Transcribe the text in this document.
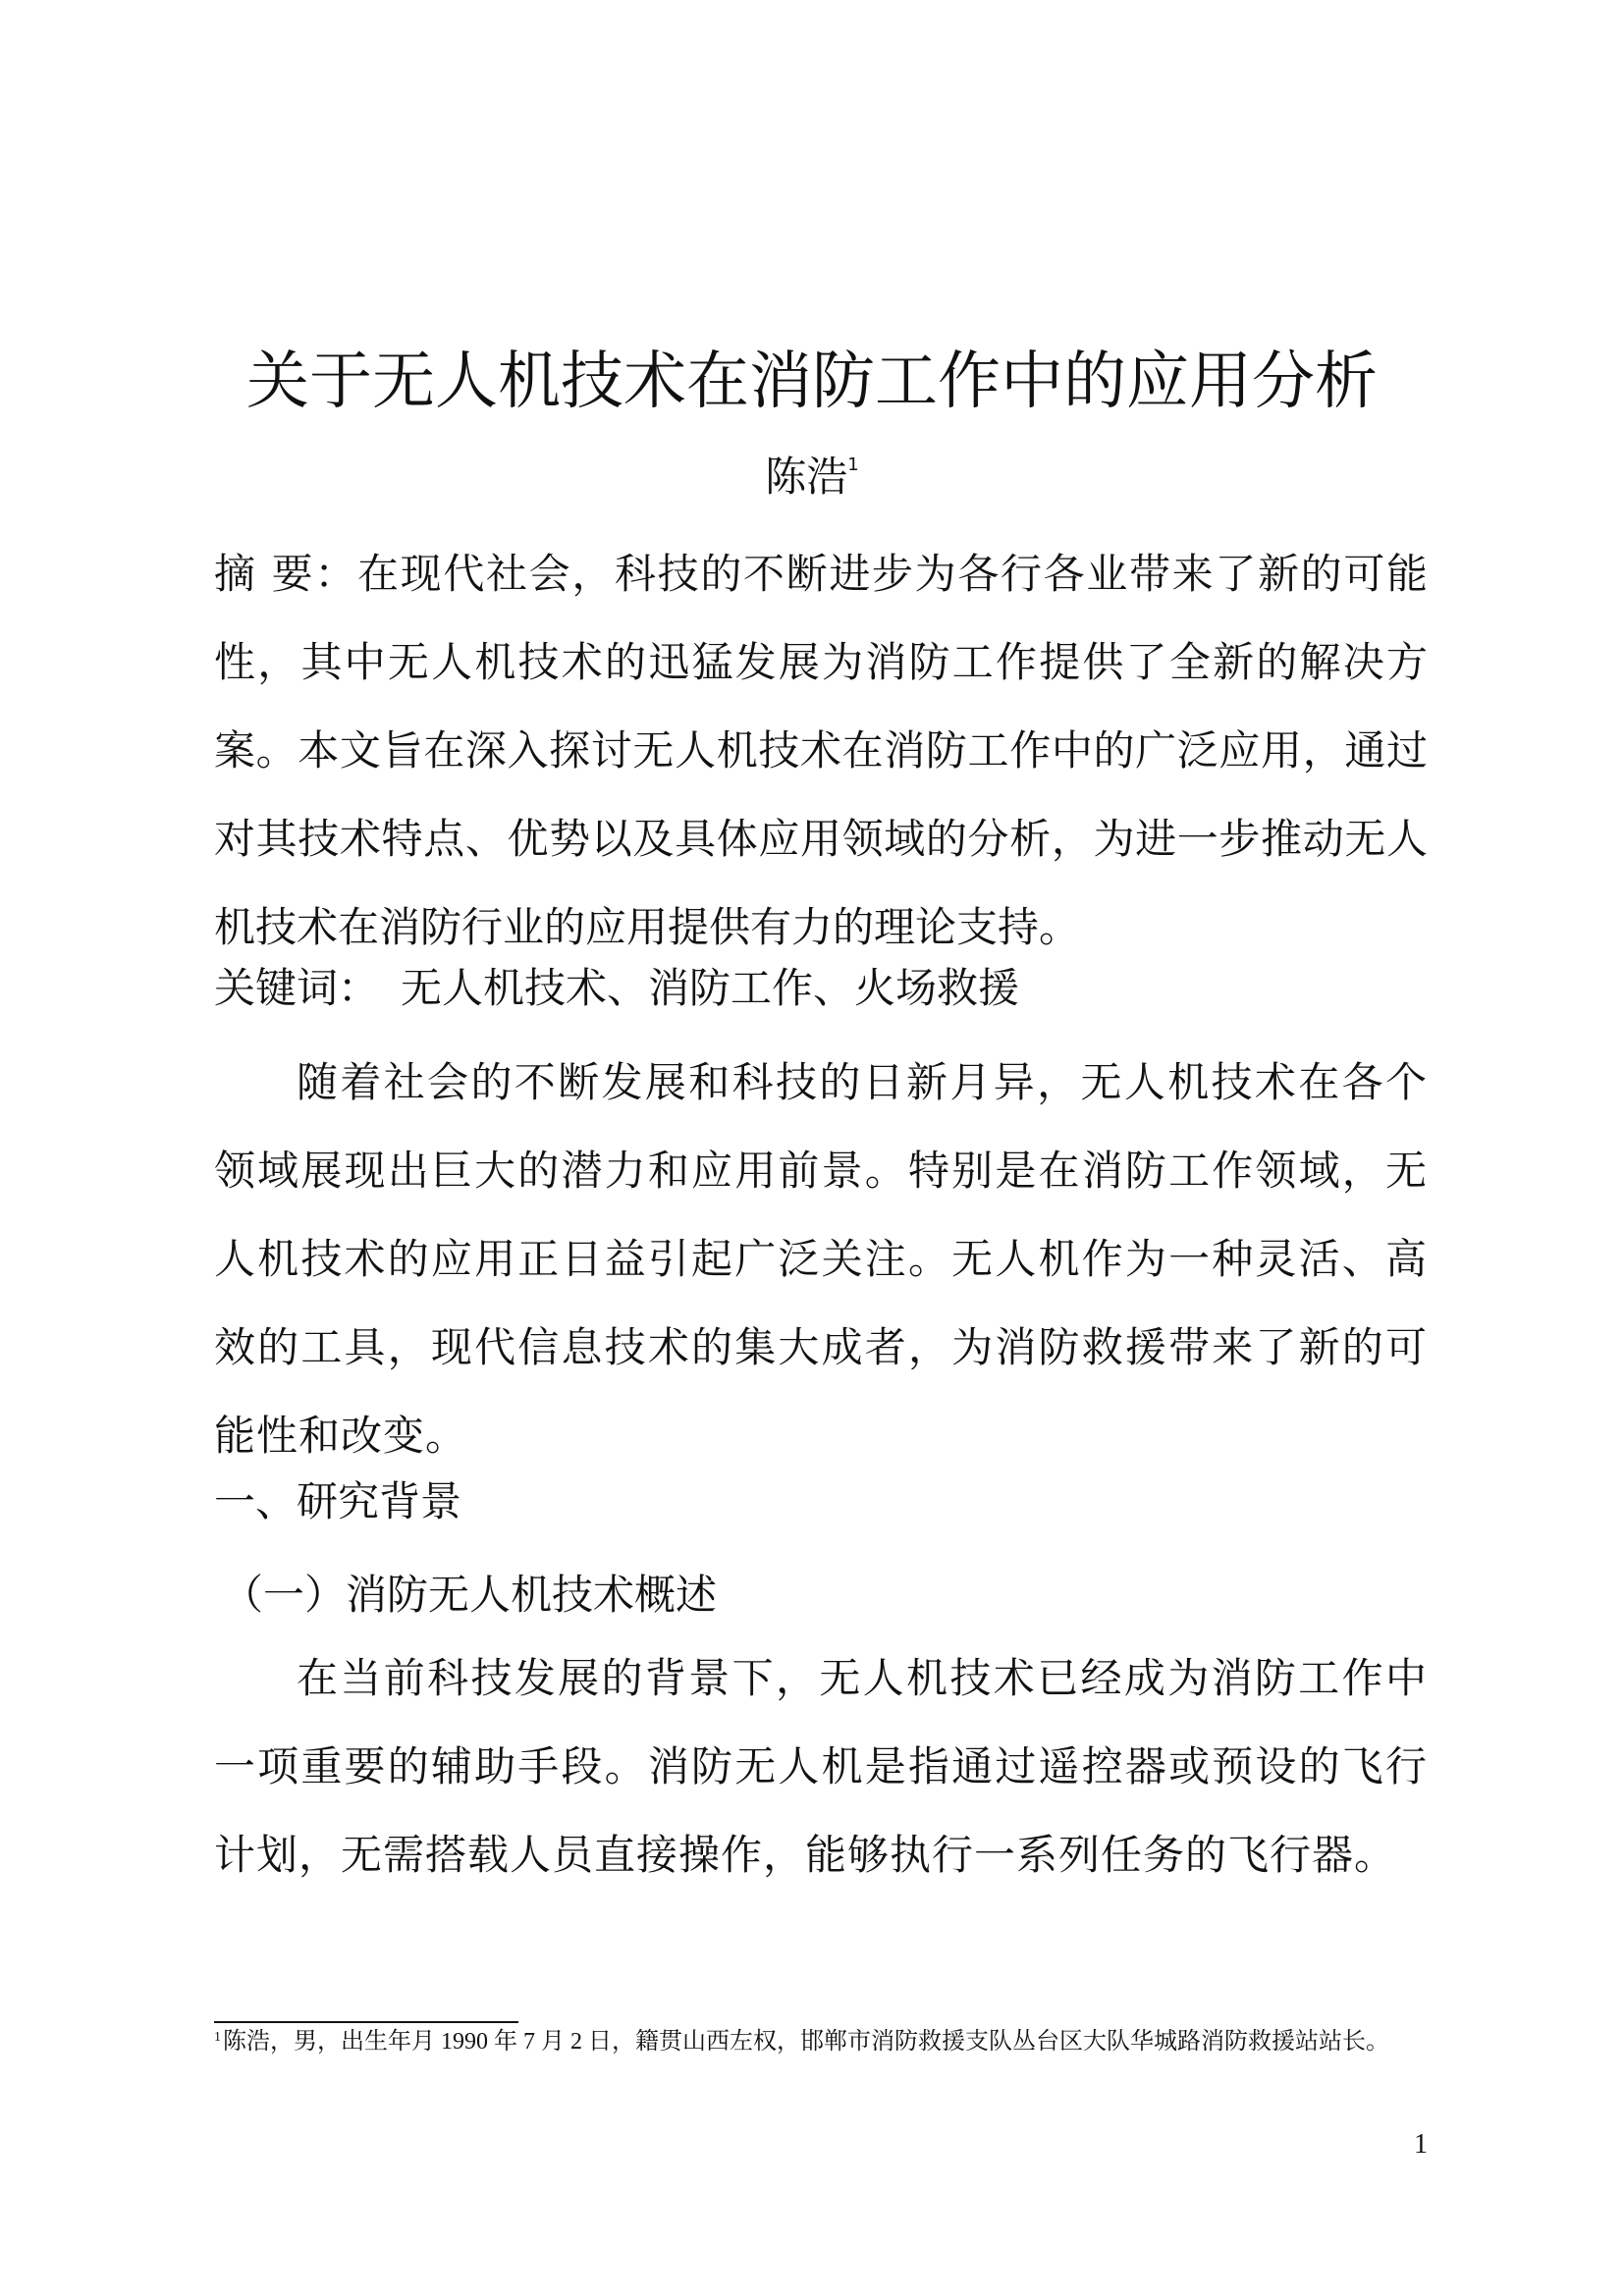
关于无人机技术在消防工作中的应用分析
陈浩$^1$
摘 要：在现代社会，科技的不断进步为各行各业带来了新的可能性，其中无人机技术的迅猛发展为消防工作提供了全新的解决方案。本文旨在深入探讨无人机技术在消防工作中的广泛应用，通过对其技术特点、优势以及具体应用领域的分析，为进一步推动无人机技术在消防行业的应用提供有力的理论支持。
关键词： 无人机技术、消防工作、火场救援
随着社会的不断发展和科技的日新月异，无人机技术在各个领域展现出巨大的潜力和应用前景。特别是在消防工作领域，无人机技术的应用正日益引起广泛关注。无人机作为一种灵活、高效的工具，现代信息技术的集大成者，为消防救援带来了新的可能性和改变。
一、研究背景
（一）消防无人机技术概述
在当前科技发展的背景下，无人机技术已经成为消防工作中一项重要的辅助手段。消防无人机是指通过遥控器或预设的飞行计划，无需搭载人员直接操作，能够执行一系列任务的飞行器。
$^1$陈浩，男，出生年月 1990 年 7 月 2 日，籍贯山西左权，邯郸市消防救援支队丛台区大队华城路消防救援站站长。
1
